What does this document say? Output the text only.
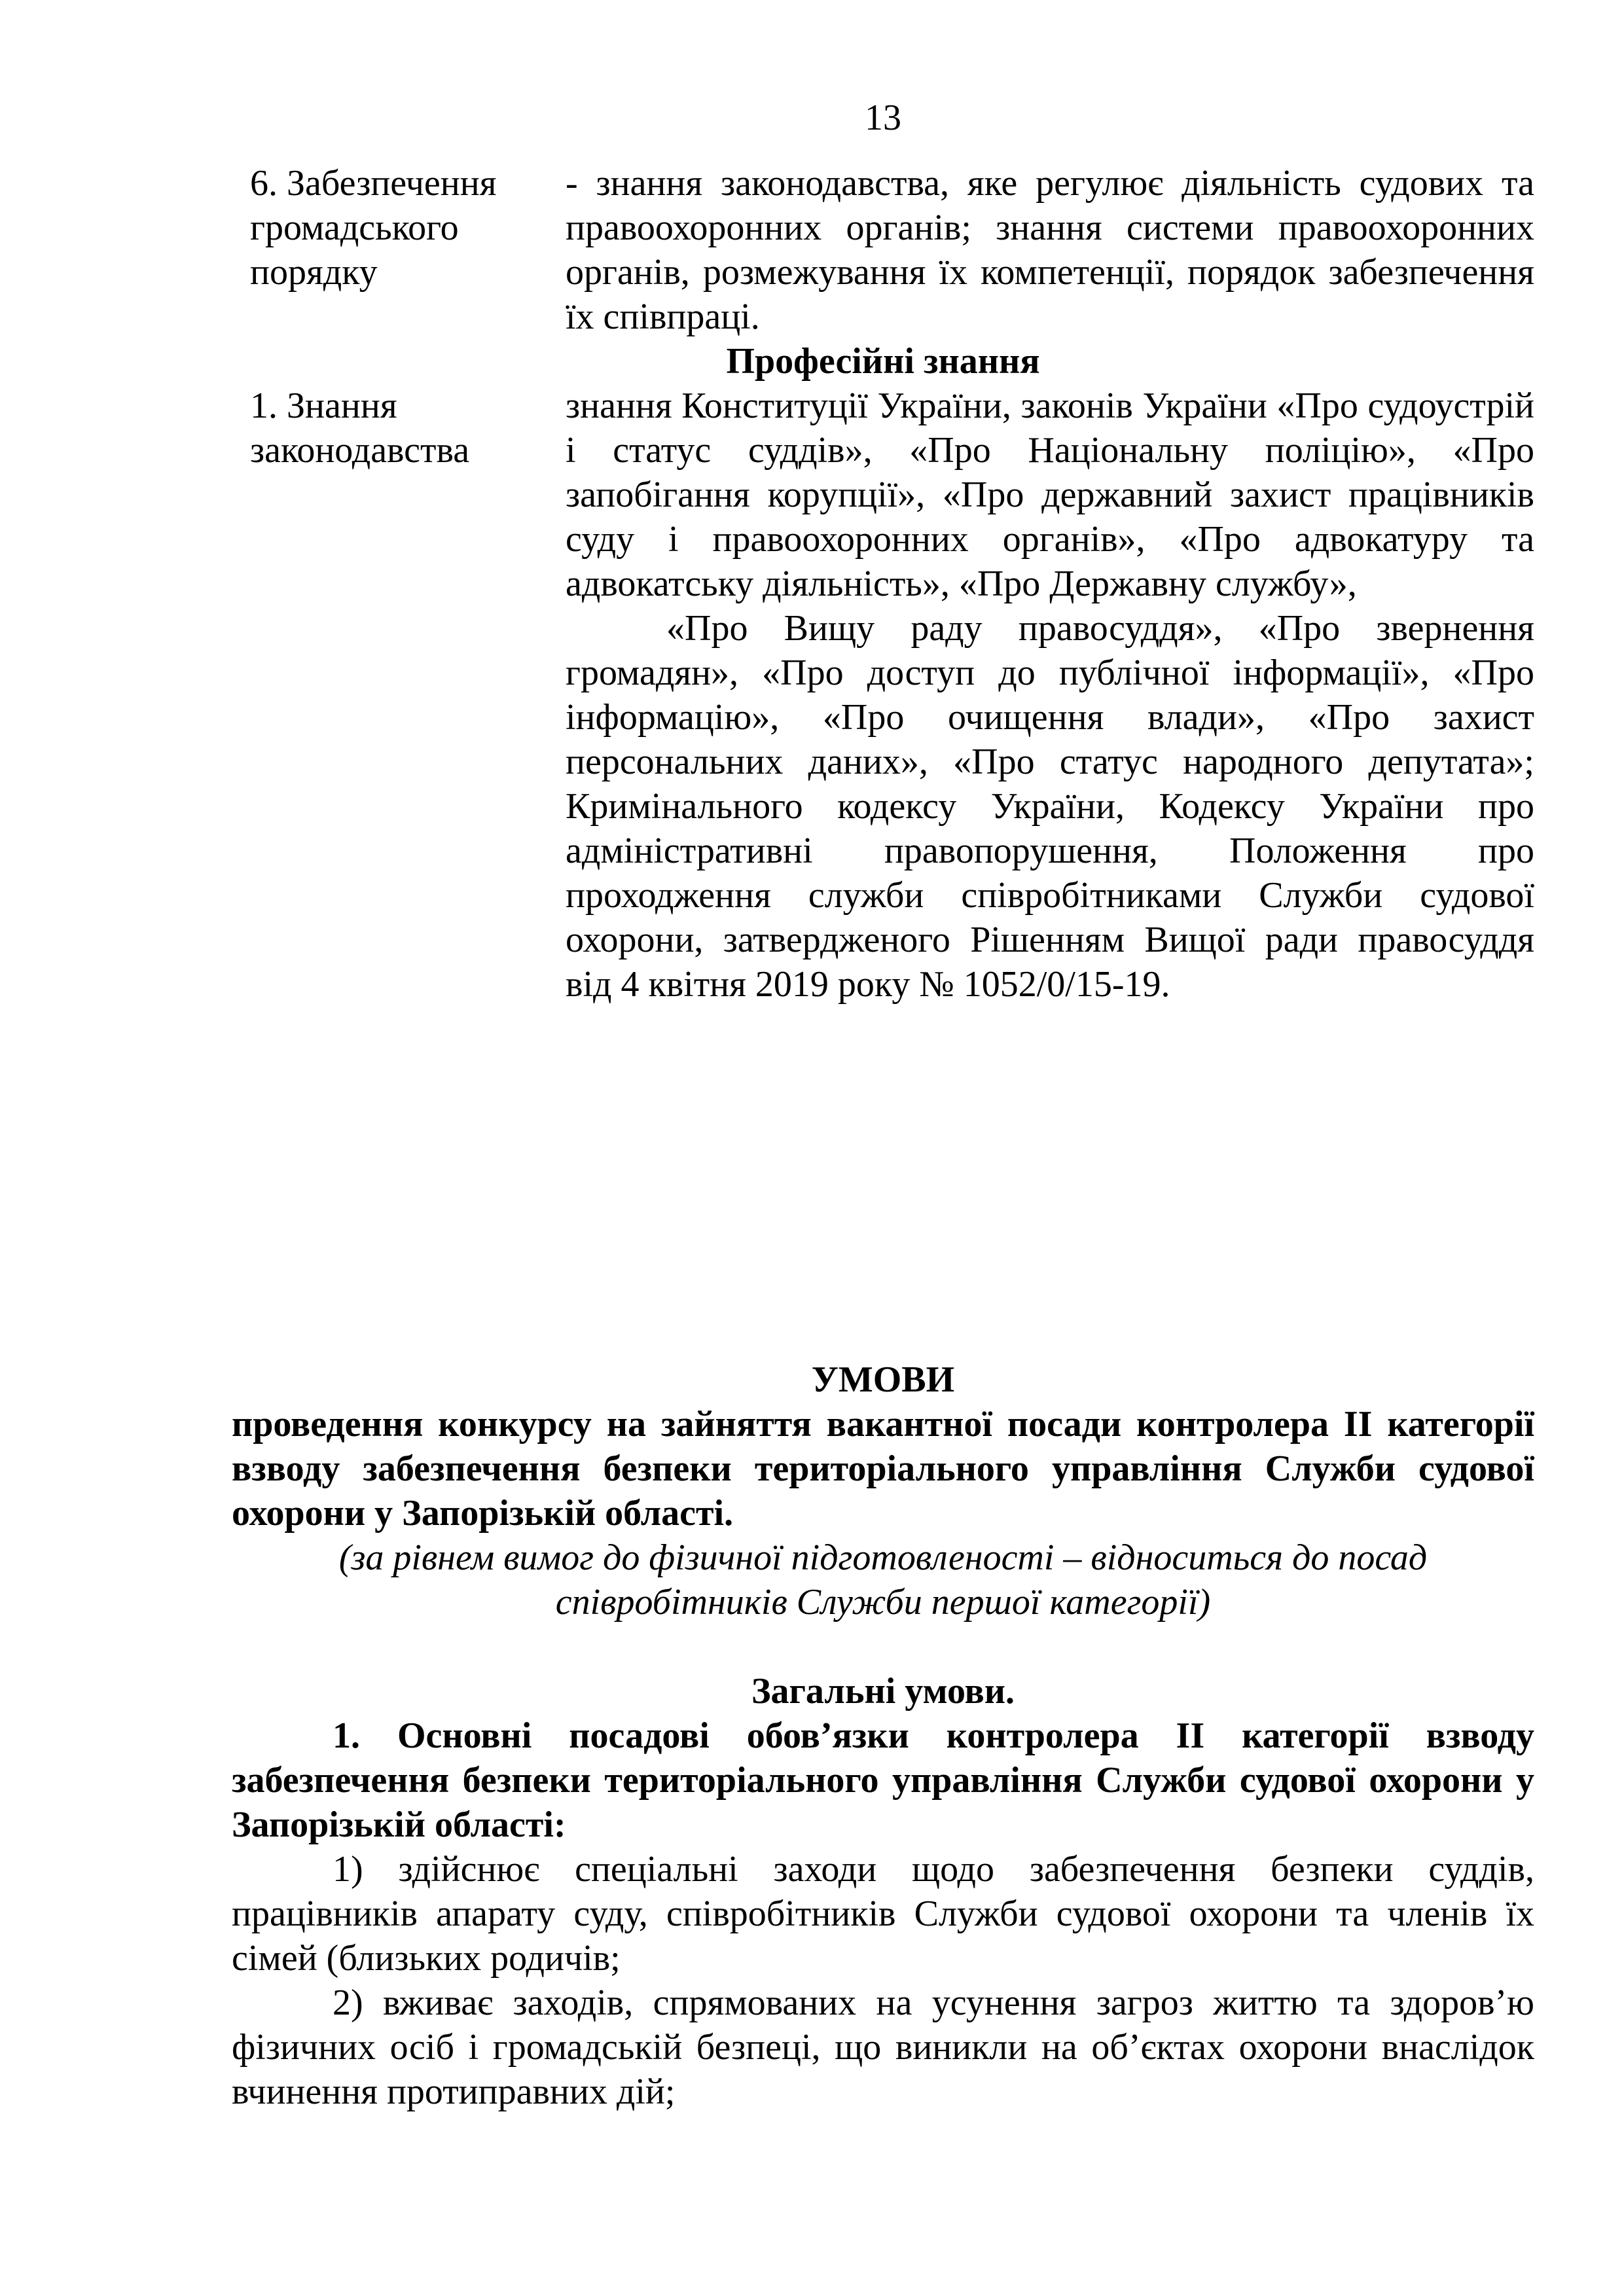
13
6. Забезпечення громадського порядку
- знання законодавства, яке регулює діяльність судових та правоохоронних органів; знання системи правоохоронних органів, розмежування їх компетенції, порядок забезпечення їх співпраці.
Професійні знання
1. Знання законодавства
знання Конституції України, законів України «Про судоустрій і статус суддів», «Про Національну поліцію», «Про запобігання корупції», «Про державний захист працівників суду і правоохоронних органів», «Про адвокатуру та адвокатську діяльність», «Про Державну службу»,
«Про Вищу раду правосуддя», «Про звернення громадян», «Про доступ до публічної інформації», «Про інформацію», «Про очищення влади», «Про захист персональних даних», «Про статус народного депутата»; Кримінального кодексу України, Кодексу України про адміністративні правопорушення, Положення про проходження служби співробітниками Служби судової охорони, затвердженого Рішенням Вищої ради правосуддя від 4 квітня 2019 року № 1052/0/15-19.
УМОВИ
проведення конкурсу на зайняття вакантної посади контролера ІІ категорії взводу забезпечення безпеки територіального управління Служби судової охорони у Запорізькій області.
(за рівнем вимог до фізичної підготовленості – відноситься до посад співробітників Служби першої категорії)
Загальні умови.
1. Основні посадові обов’язки контролера ІІ категорії взводу забезпечення безпеки територіального управління Служби судової охорони у Запорізькій області:
1) здійснює спеціальні заходи щодо забезпечення безпеки суддів, працівників апарату суду, співробітників Служби судової охорони та членів їх сімей (близьких родичів;
2) вживає заходів, спрямованих на усунення загроз життю та здоров’ю фізичних осіб і громадській безпеці, що виникли на об’єктах охорони внаслідок вчинення протиправних дій;
